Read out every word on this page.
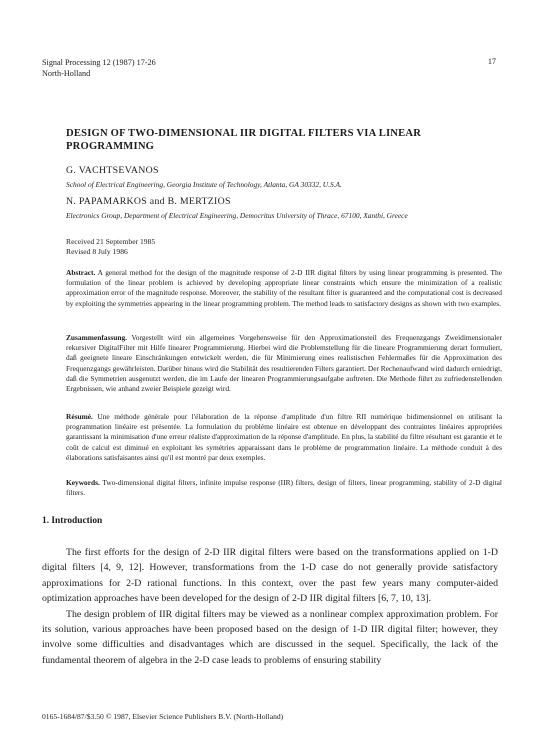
Signal Processing 12 (1987) 17-26
North-Holland
17
DESIGN OF TWO-DIMENSIONAL IIR DIGITAL FILTERS VIA LINEAR PROGRAMMING
G. VACHTSEVANOS
School of Electrical Engineering, Georgia Institute of Technology, Atlanta, GA 30332, U.S.A.
N. PAPAMARKOS and B. MERTZIOS
Electronics Group, Department of Electrical Engineering, Democritus University of Thrace, 67100, Xanthi, Greece
Received 21 September 1985
Revised 8 July 1986
Abstract. A general method for the design of the magnitude response of 2-D IIR digital filters by using linear programming is presented. The formulation of the linear problem is achieved by developing appropriate linear constraints which ensure the minimization of a realistic approximation error of the magnitude response. Moreover, the stability of the resultant filter is guaranteed and the computational cost is decreased by exploiting the symmetries appearing in the linear programming problem. The method leads to satisfactory designs as shown with two examples.
Zusammenfassung. Vorgestellt wird ein allgemeines Vorgehensweise für den Approximationsteil des Frequenzgangs Zweidimensionaler rekursiver DigitalFilter mit Hilfe linearer Programmierung. Hierbei wird die Problemstellung für die lineare Programmierung derart formuliert, daß geeignete lineare Einschränkungen entwickelt werden, die für Minimierung eines realistischen Fehlermaßes für die Approximation des Frequenzgangs gewährleisten. Darüber hinaus wird die Stabilität des resultierenden Filters garantiert. Der Rechenaufwand wird dadurch erniedrigt, daß die Symmetrien ausgenutzt werden, die im Laufe der linearen Programmierungsaufgabe auftreten. Die Methode führt zu zufriedenstellenden Ergebnissen, wie anhand zweier Beispiele gezeigt wird.
Résumé. Une méthode générale pour l'élaboration de la réponse d'amplitude d'un filtre RII numérique bidimensionnel en utilisant la programmation linéaire est présentée. La formulation du problème linéaire est obtenue en développant des contraintes linéaires appropriées garantissant la minimisation d'une erreur réaliste d'approximation de la réponse d'amplitude. En plus, la stabilité du filtre résultant est garantie et le coût de calcul est diminué en exploitant les symétries apparaissant dans le problème de programmation linéaire. La méthode conduit à des élaborations satisfaisantes ainsi qu'il est montré par deux exemples.
Keywords. Two-dimensional digital filters, infinite impulse response (IIR) filters, design of filters, linear programming, stability of 2-D digital filters.
1. Introduction

The first efforts for the design of 2-D IIR digital filters were based on the transformations applied on 1-D digital filters [4, 9, 12]. However, transformations from the 1-D case do not generally provide satisfactory approximations for 2-D rational functions. In this context, over the past few years many computer-aided optimization approaches have been developed for the design of 2-D IIR digital filters [6, 7, 10, 13].

The design problem of IIR digital filters may be viewed as a nonlinear complex approximation problem. For its solution, various approaches have been proposed based on the design of 1-D IIR digital filter; however, they involve some difficulties and disadvantages which are discussed in the sequel. Specifically, the lack of the fundamental theorem of algebra in the 2-D case leads to problems of ensuring stability

0165-1684/87/$3.50 © 1987, Elsevier Science Publishers B.V. (North-Holland)
